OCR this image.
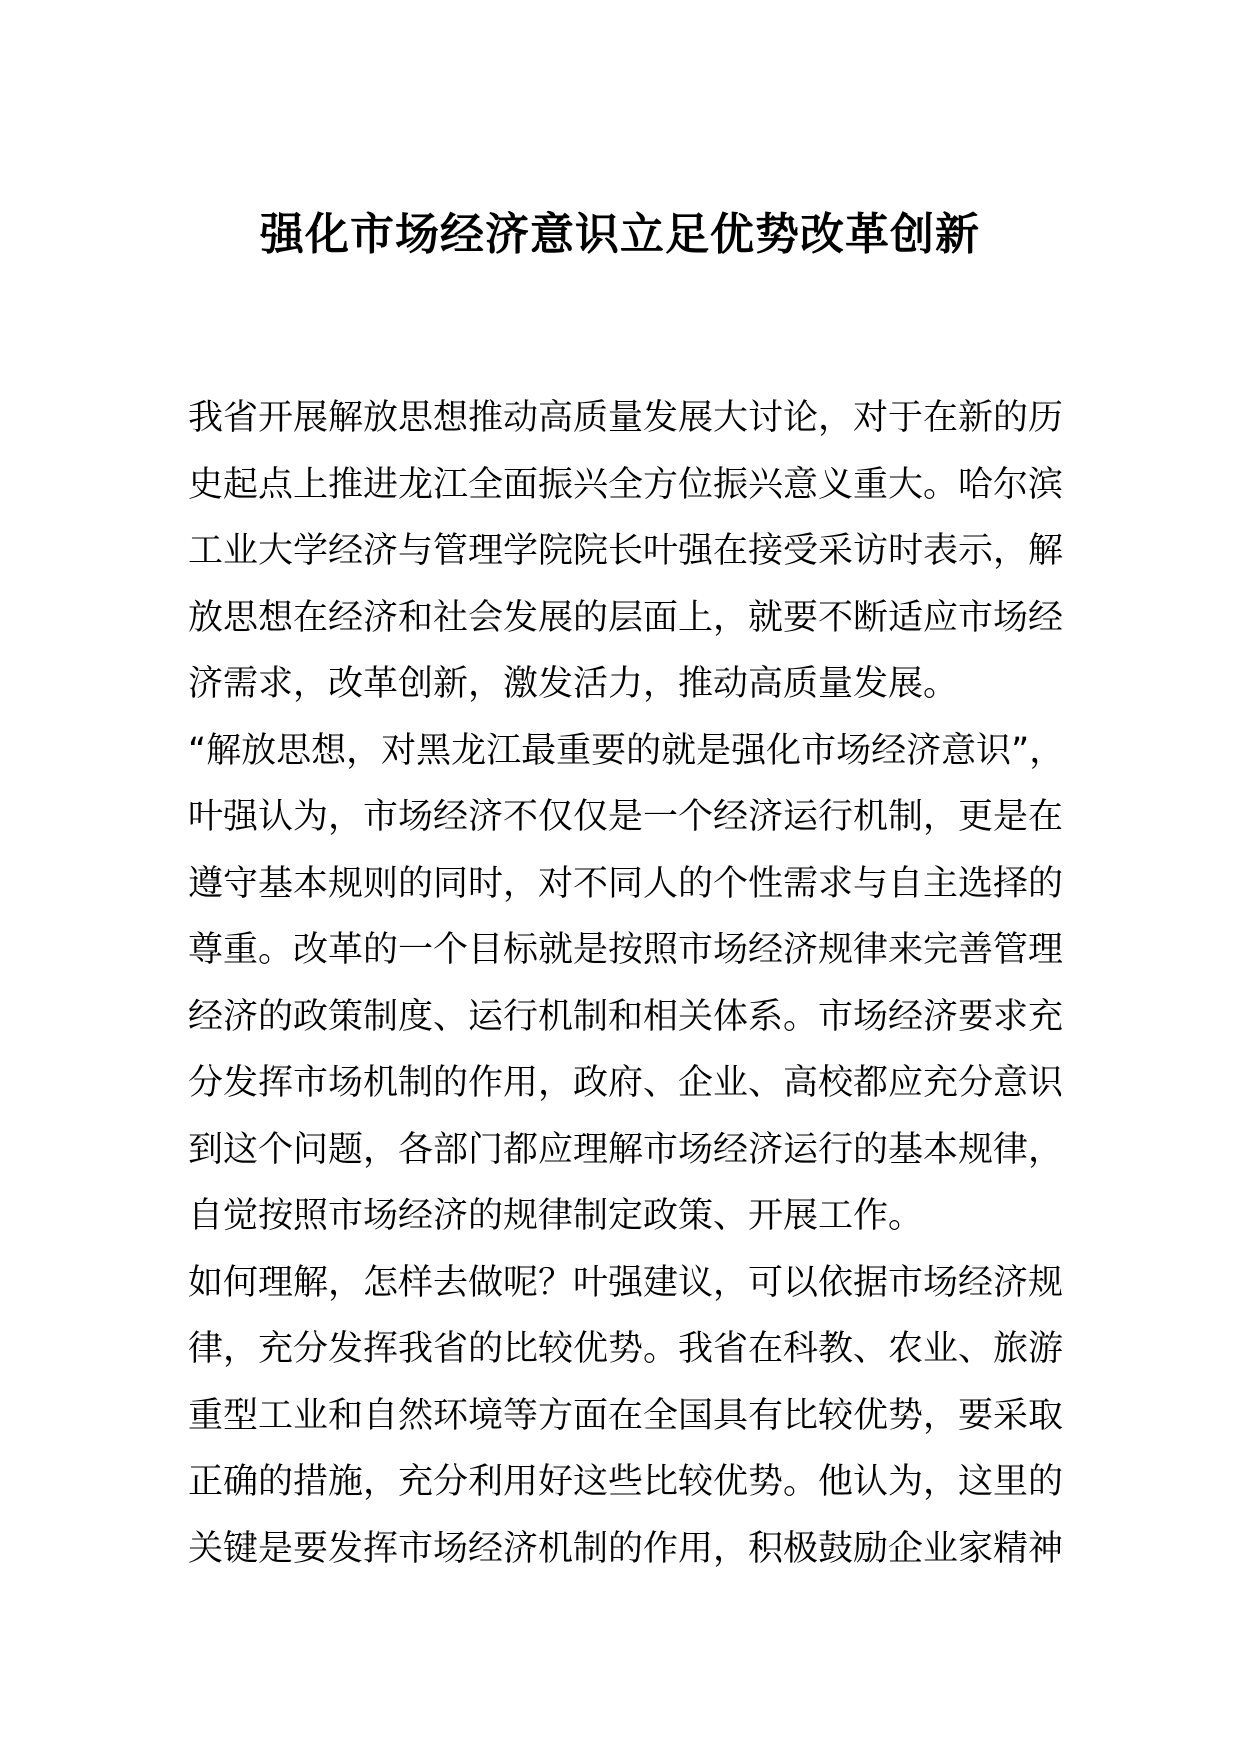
强化市场经济意识立足优势改革创新
我省开展解放思想推动高质量发展大讨论，对于在新的历
史起点上推进龙江全面振兴全方位振兴意义重大。哈尔滨
工业大学经济与管理学院院长叶强在接受采访时表示，解
放思想在经济和社会发展的层面上，就要不断适应市场经
济需求，改革创新，激发活力，推动高质量发展。
“解放思想，对黑龙江最重要的就是强化市场经济意识”，
叶强认为，市场经济不仅仅是一个经济运行机制，更是在
遵守基本规则的同时，对不同人的个性需求与自主选择的
尊重。改革的一个目标就是按照市场经济规律来完善管理
经济的政策制度、运行机制和相关体系。市场经济要求充
分发挥市场机制的作用，政府、企业、高校都应充分意识
到这个问题，各部门都应理解市场经济运行的基本规律，
自觉按照市场经济的规律制定政策、开展工作。
如何理解，怎样去做呢？叶强建议，可以依据市场经济规
律，充分发挥我省的比较优势。我省在科教、农业、旅游
重型工业和自然环境等方面在全国具有比较优势，要采取
正确的措施，充分利用好这些比较优势。他认为，这里的
关键是要发挥市场经济机制的作用，积极鼓励企业家精神
